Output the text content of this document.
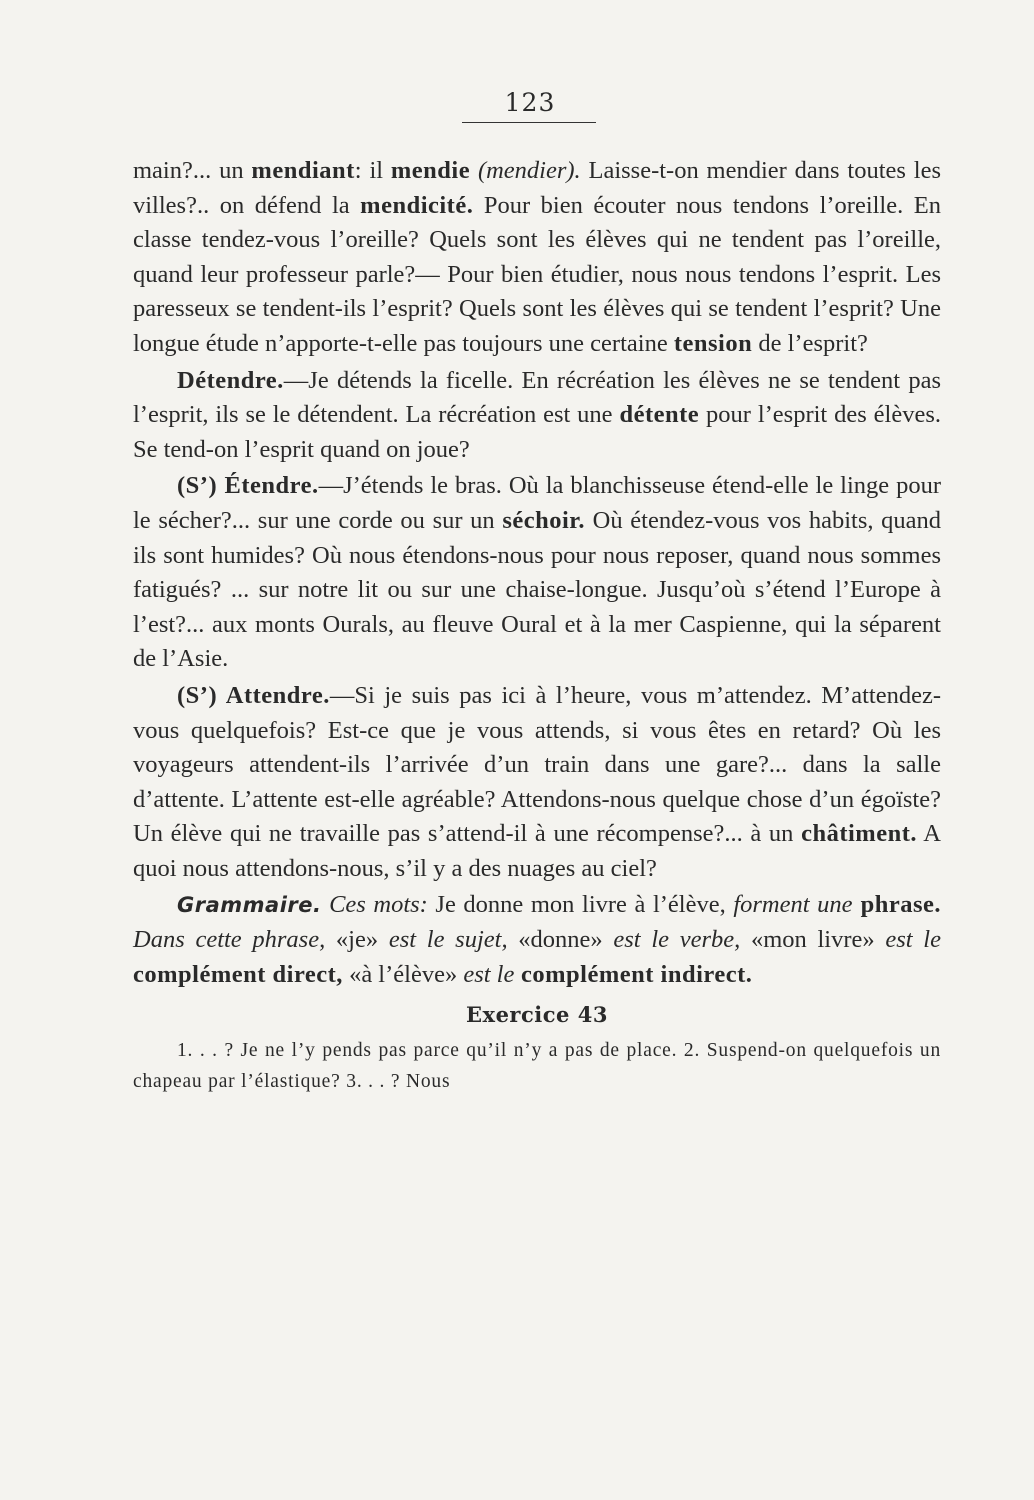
123

main?... un mendiant: il mendie (mendier). Laisse-t-on mendier dans toutes les villes?.. on défend la mendicité. Pour bien écouter nous tendons l’oreille. En classe tendez-vous l’oreille? Quels sont les élèves qui ne tendent pas l’oreille, quand leur professeur parle?— Pour bien étudier, nous nous tendons l’esprit. Les paresseux se tendent-ils l’esprit? Quels sont les élèves qui se tendent l’esprit? Une longue étude n’apporte-t-elle pas toujours une certaine tension de l’esprit?

Détendre.—Je détends la ficelle. En récréation les élèves ne se tendent pas l’esprit, ils se le détendent. La récréation est une détente pour l’esprit des élèves. Se tend-on l’esprit quand on joue?

(S’) Étendre.—J’étends le bras. Où la blanchisseuse étend-elle le linge pour le sécher?... sur une corde ou sur un séchoir. Où étendez-vous vos habits, quand ils sont humides? Où nous étendons-nous pour nous reposer, quand nous sommes fatigués? ... sur notre lit ou sur une chaise-longue. Jusqu’où s’étend l’Europe à l’est?... aux monts Ourals, au fleuve Oural et à la mer Caspienne, qui la séparent de l’Asie.

(S’) Attendre.—Si je suis pas ici à l’heure, vous m’attendez. M’attendez-vous quelquefois? Est-ce que je vous attends, si vous êtes en retard? Où les voyageurs attendent-ils l’arrivée d’un train dans une gare?... dans la salle d’attente. L’attente est-elle agréable? Attendons-nous quelque chose d’un égoïste? Un élève qui ne travaille pas s’attend-il à une récompense?... à un châtiment. A quoi nous attendons-nous, s’il y a des nuages au ciel?

Grammaire. Ces mots: Je donne mon livre à l’élève, forment une phrase. Dans cette phrase, «je» est le sujet, «donne» est le verbe, «mon livre» est le complément direct, «à l’élève» est le complément indirect.

Exercice 43

1. . . ? Je ne l’y pends pas parce qu’il n’y a pas de place. 2. Suspend-on quelquefois un chapeau par l’élastique? 3. . . ? Nous
